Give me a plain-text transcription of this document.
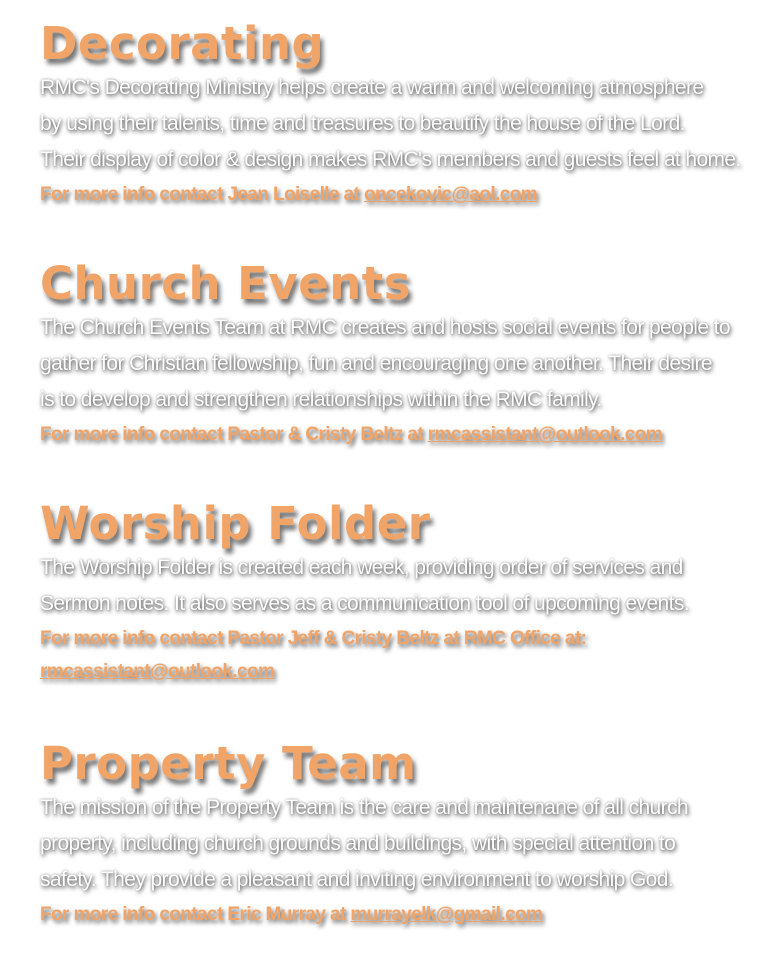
Decorating

RMC's Decorating Ministry helps create a warm and welcoming atmosphere
by using their talents, time and treasures to beautify the house of the Lord.
Their display of color & design makes RMC's members and guests feel at home.

For more info contact Jean Loiselle at oncekovic@aol.com

Church Events

The Church Events Team at RMC creates and hosts social events for people to
gather for Christian fellowship, fun and encouraging one another. Their desire
is to develop and strengthen relationships within the RMC family.

For more info contact Pastor & Cristy Beltz at rmcassistant@outlook.com

Worship Folder

The Worship Folder is created each week, providing order of services and
Sermon notes. It also serves as a communication tool of upcoming events.

For more info contact Pastor Jeff & Cristy Beltz at RMC Office at:
rmcassistant@outlook.com

Property Team

The mission of the Property Team is the care and maintenane of all church
property, including church grounds and buildings, with special attention to
safety. They provide a pleasant and inviting environment to worship God.

For more info contact Eric Murray at murrayelk@gmail.com
